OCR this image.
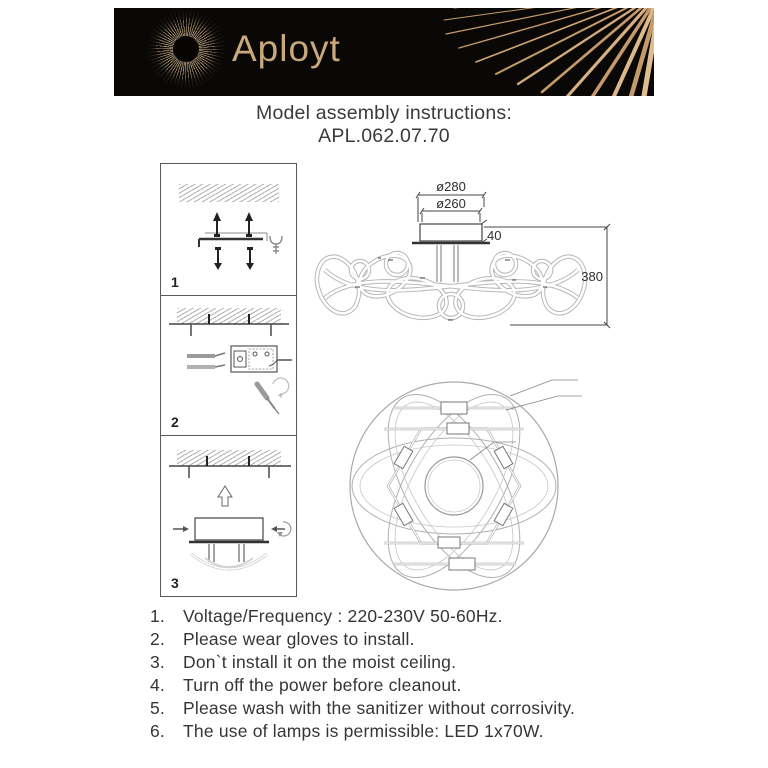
Aployt
Model assembly instructions:
APL.062.07.70
1
2
3
ø280
ø260
40
380
1.	Voltage/Frequency : 220-230V 50-60Hz.
2.	Please wear gloves to install.
3.	Don`t install it on the moist ceiling.
4.	Turn off the power before cleanout.
5.	Please wash with the sanitizer without corrosivity.
6.	The use of lamps is permissible: LED 1x70W.
